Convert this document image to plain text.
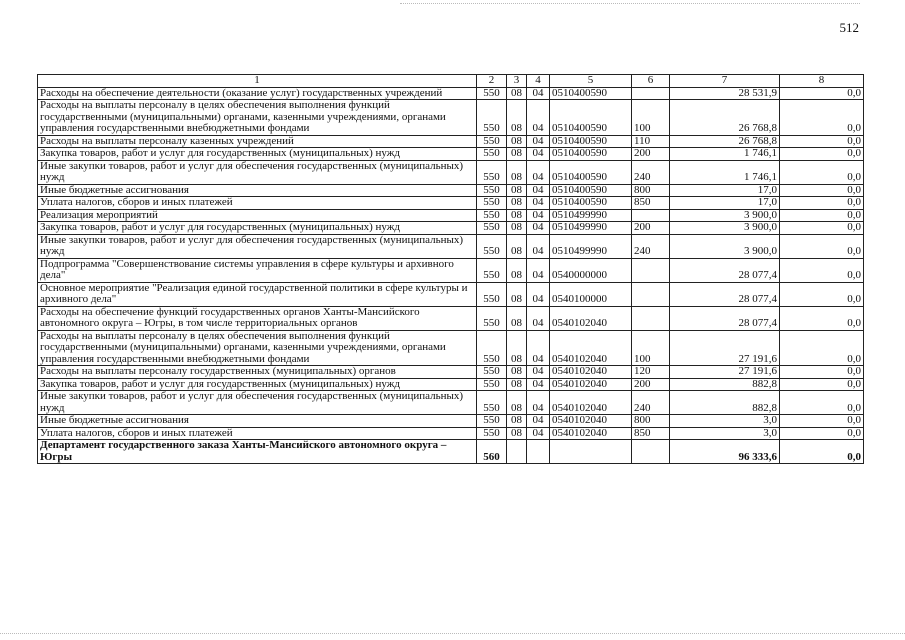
512
1	2	3	4	5	6	7	8
Расходы на обеспечение деятельности (оказание услуг) государственных учреждений	550	08	04	0510400590		28 531,9	0,0
Расходы на выплаты персоналу в целях обеспечения выполнения функций государственными (муниципальными) органами, казенными учреждениями, органами управления государственными внебюджетными фондами	550	08	04	0510400590	100	26 768,8	0,0
Расходы на выплаты персоналу казенных учреждений	550	08	04	0510400590	110	26 768,8	0,0
Закупка товаров, работ и услуг для государственных (муниципальных) нужд	550	08	04	0510400590	200	1 746,1	0,0
Иные закупки товаров, работ и услуг для обеспечения государственных (муниципальных) нужд	550	08	04	0510400590	240	1 746,1	0,0
Иные бюджетные ассигнования	550	08	04	0510400590	800	17,0	0,0
Уплата налогов, сборов и иных платежей	550	08	04	0510400590	850	17,0	0,0
Реализация мероприятий	550	08	04	0510499990		3 900,0	0,0
Закупка товаров, работ и услуг для государственных (муниципальных) нужд	550	08	04	0510499990	200	3 900,0	0,0
Иные закупки товаров, работ и услуг для обеспечения государственных (муниципальных) нужд	550	08	04	0510499990	240	3 900,0	0,0
Подпрограмма "Совершенствование системы управления в сфере культуры и архивного дела"	550	08	04	0540000000		28 077,4	0,0
Основное мероприятие "Реализация единой государственной политики в сфере культуры и архивного дела"	550	08	04	0540100000		28 077,4	0,0
Расходы на обеспечение функций государственных органов Ханты-Мансийского автономного округа – Югры, в том числе территориальных органов	550	08	04	0540102040		28 077,4	0,0
Расходы на выплаты персоналу в целях обеспечения выполнения функций государственными (муниципальными) органами, казенными учреждениями, органами управления государственными внебюджетными фондами	550	08	04	0540102040	100	27 191,6	0,0
Расходы на выплаты персоналу государственных (муниципальных) органов	550	08	04	0540102040	120	27 191,6	0,0
Закупка товаров, работ и услуг для государственных (муниципальных) нужд	550	08	04	0540102040	200	882,8	0,0
Иные закупки товаров, работ и услуг для обеспечения государственных (муниципальных) нужд	550	08	04	0540102040	240	882,8	0,0
Иные бюджетные ассигнования	550	08	04	0540102040	800	3,0	0,0
Уплата налогов, сборов и иных платежей	550	08	04	0540102040	850	3,0	0,0
Департамент государственного заказа Ханты-Мансийского автономного округа – Югры	560					96 333,6	0,0
